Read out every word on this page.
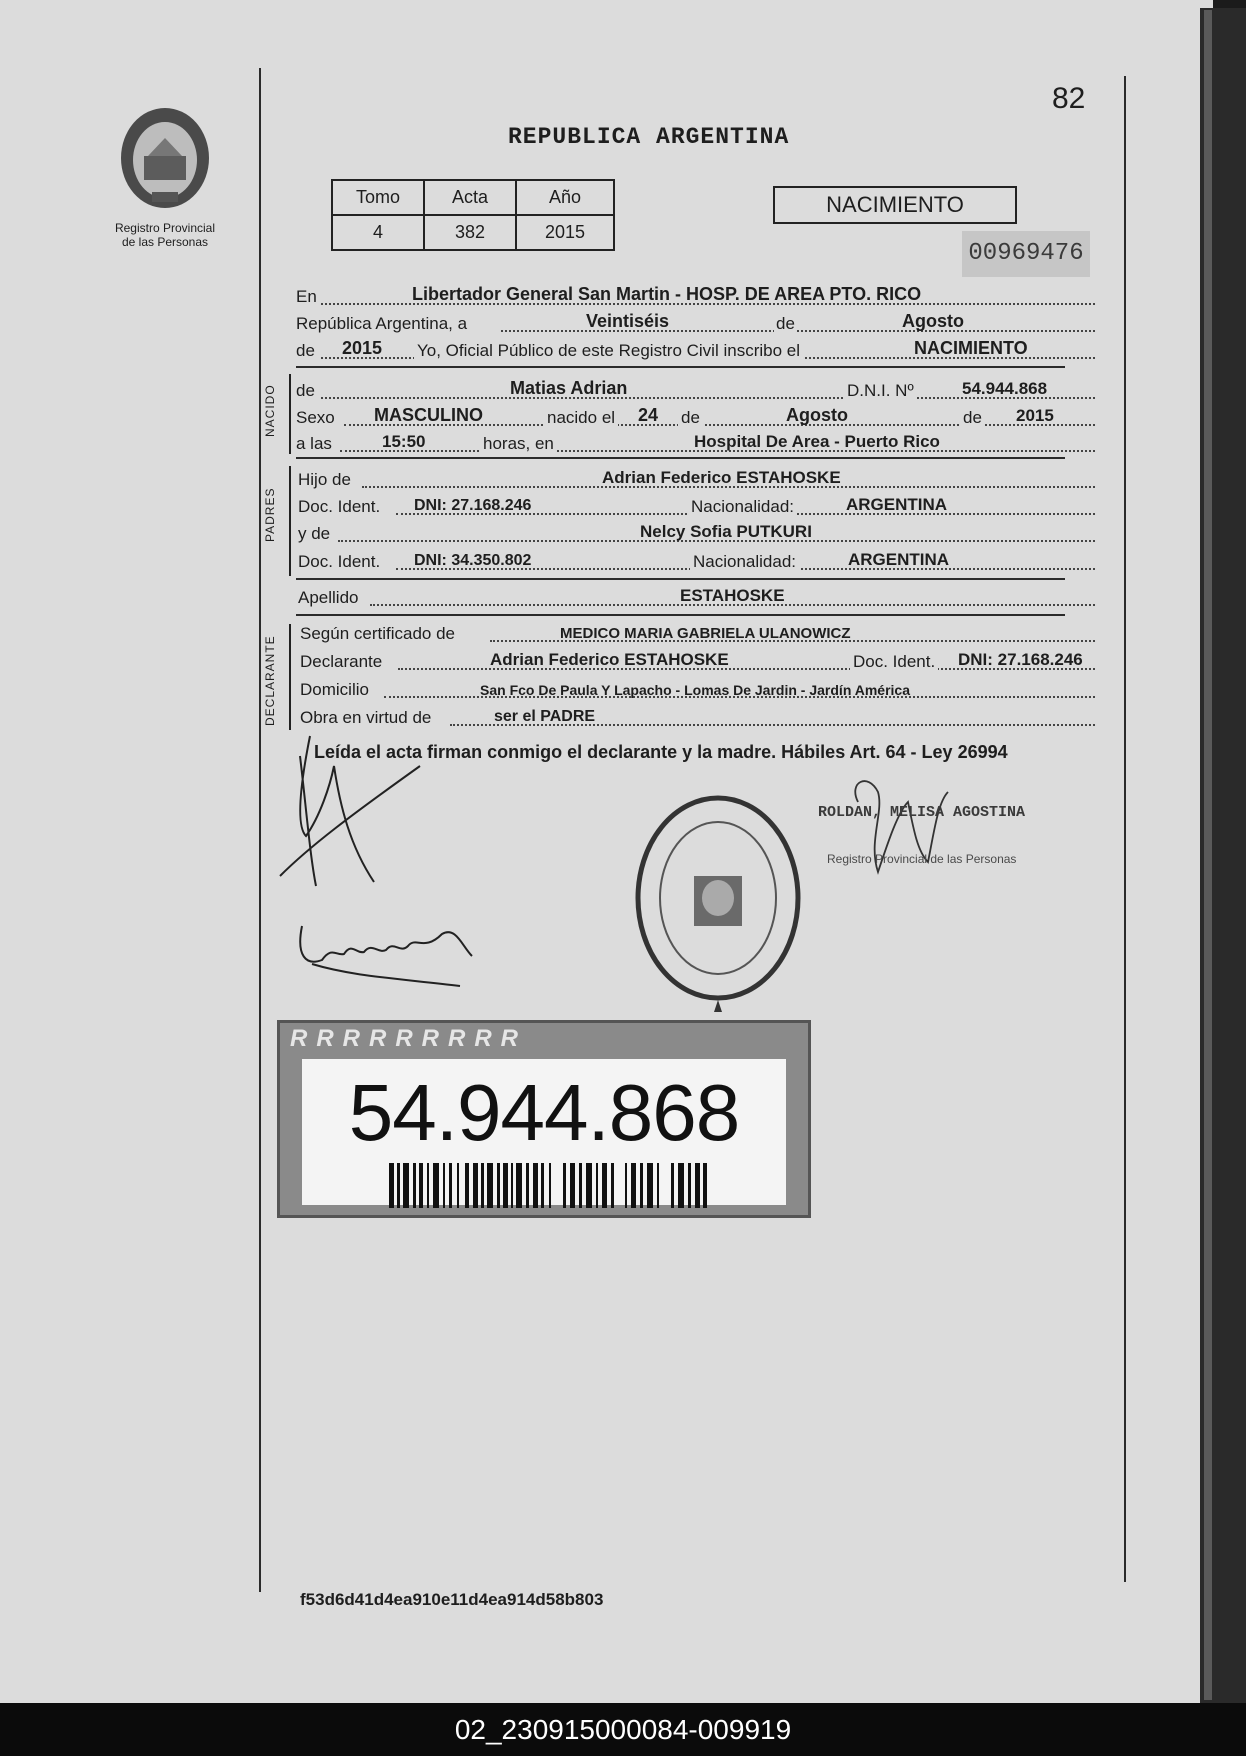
82
Registro Provincial
de las Personas
REPUBLICA ARGENTINA
Tomo	Acta	Año
4	382	2015
NACIMIENTO
00969476
En	Libertador General San Martin - HOSP. DE AREA PTO. RICO
República Argentina, a	Veintiséis	de	Agosto
de 2015 Yo, Oficial Público de este Registro Civil inscribo el	NACIMIENTO
NACIDO de	Matias Adrian	D.N.I. Nº	54.944.868
Sexo MASCULINO	nacido el 24 de	Agosto	de 2015
a las	15:50	horas, en	Hospital De Area - Puerto Rico
PADRES
Hijo de	Adrian Federico ESTAHOSKE
Doc. Ident. DNI: 27.168.246	Nacionalidad:	ARGENTINA
y de	Nelcy Sofia PUTKURI
Doc. Ident. DNI: 34.350.802	Nacionalidad:	ARGENTINA
Apellido	ESTAHOSKE
DECLARANTE
Según certificado de	MEDICO MARIA GABRIELA ULANOWICZ
Declarante	Adrian Federico ESTAHOSKE	Doc. Ident. DNI: 27.168.246
Domicilio	San Fco De Paula Y Lapacho - Lomas De Jardin - Jardín América
Obra en virtud de	ser el PADRE
Leída el acta firman conmigo el declarante y la madre. Hábiles Art. 64 - Ley 26994
ROLDAN, MELISA AGOSTINA
Registro Provincial de las Personas
RRRRRRRRR
54.944.868
f53d6d41d4ea910e11d4ea914d58b803
02_230915000084-009919
